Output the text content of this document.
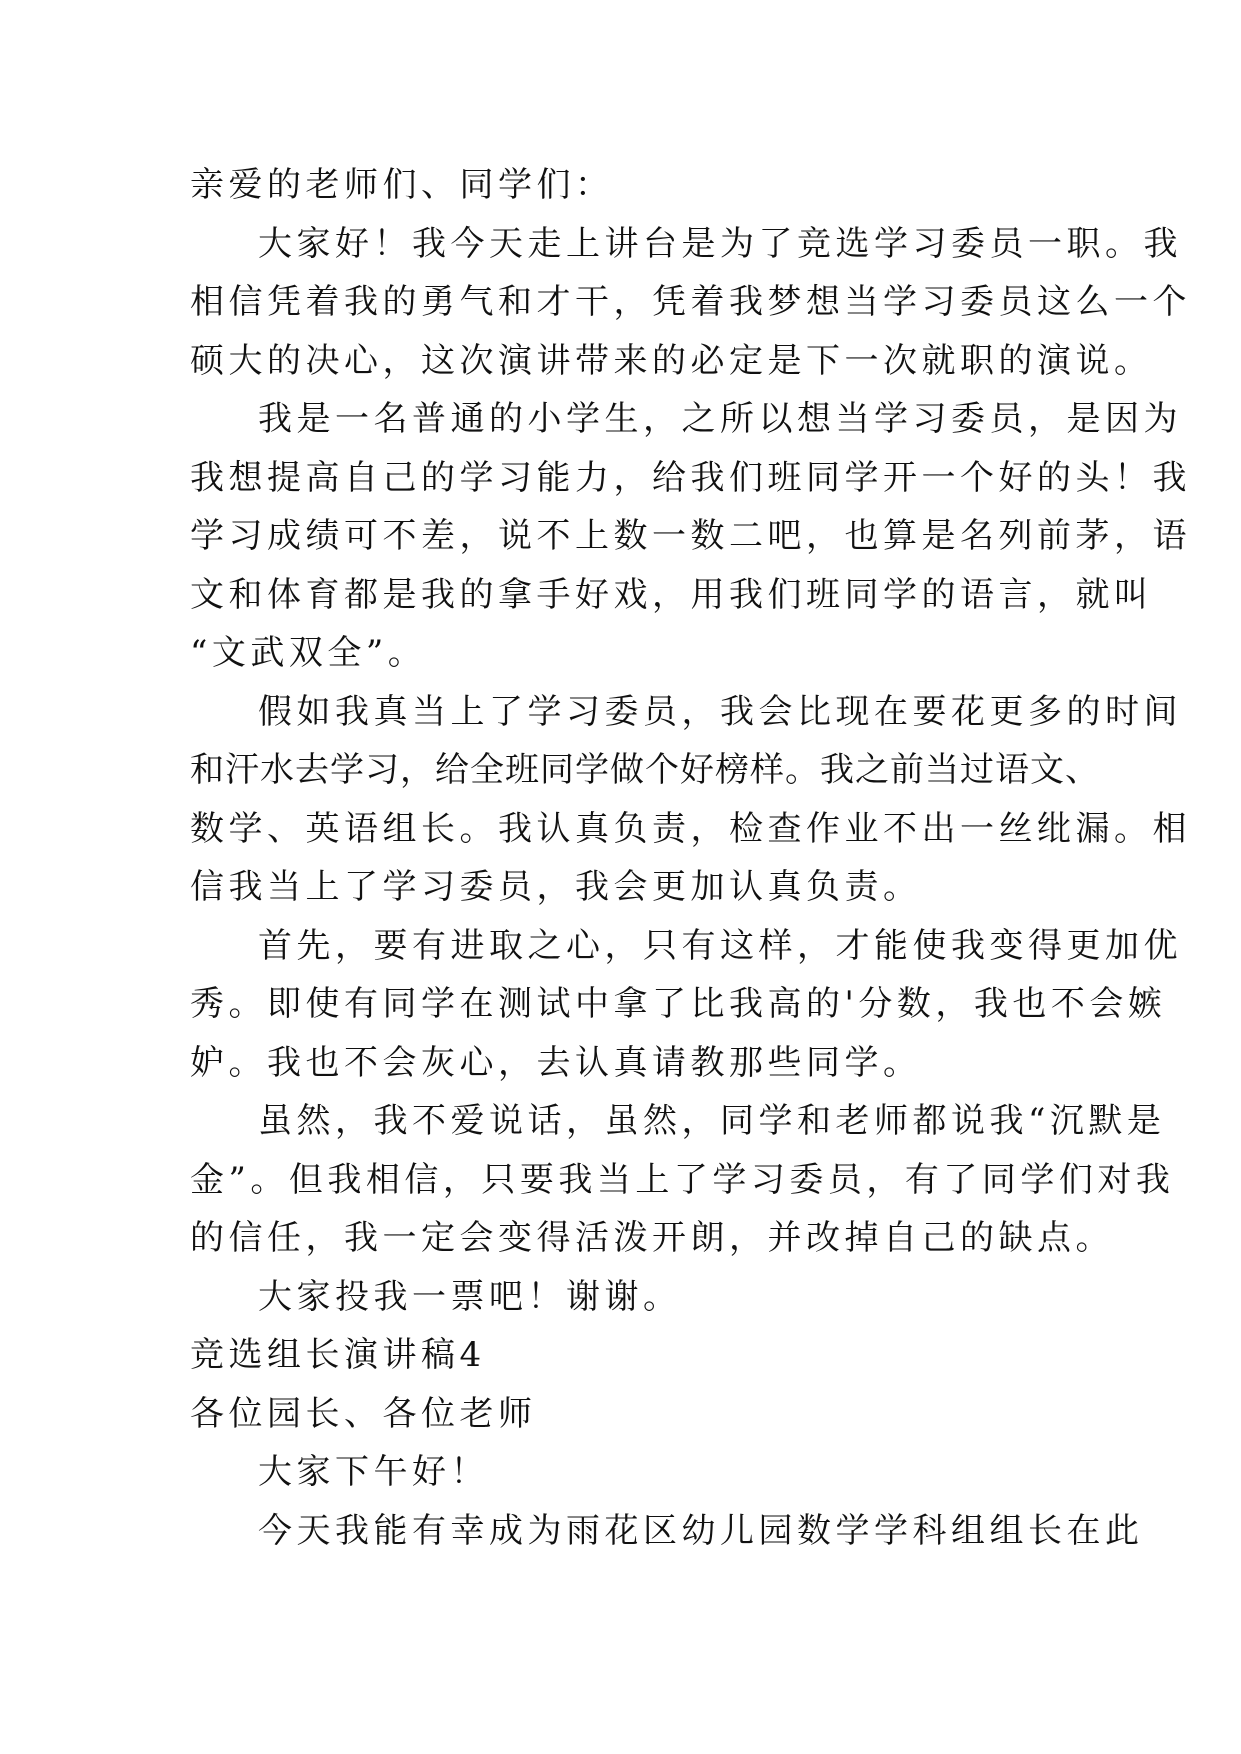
亲爱的老师们、同学们：
大家好！我今天走上讲台是为了竞选学习委员一职。我
相信凭着我的勇气和才干，凭着我梦想当学习委员这么一个
硕大的决心，这次演讲带来的必定是下一次就职的演说。
我是一名普通的小学生，之所以想当学习委员，是因为
我想提高自己的学习能力，给我们班同学开一个好的头！我
学习成绩可不差，说不上数一数二吧，也算是名列前茅，语
文和体育都是我的拿手好戏，用我们班同学的语言，就叫
“文武双全”。
假如我真当上了学习委员，我会比现在要花更多的时间
和汗水去学习，给全班同学做个好榜样。我之前当过语文、
数学、英语组长。我认真负责，检查作业不出一丝纰漏。相
信我当上了学习委员，我会更加认真负责。
首先，要有进取之心，只有这样，才能使我变得更加优
秀。即使有同学在测试中拿了比我高的'分数，我也不会嫉
妒。我也不会灰心，去认真请教那些同学。
虽然，我不爱说话，虽然，同学和老师都说我“沉默是
金”。但我相信，只要我当上了学习委员，有了同学们对我
的信任，我一定会变得活泼开朗，并改掉自己的缺点。
大家投我一票吧！谢谢。
竞选组长演讲稿4
各位园长、各位老师
大家下午好！
今天我能有幸成为雨花区幼儿园数学学科组组长在此
